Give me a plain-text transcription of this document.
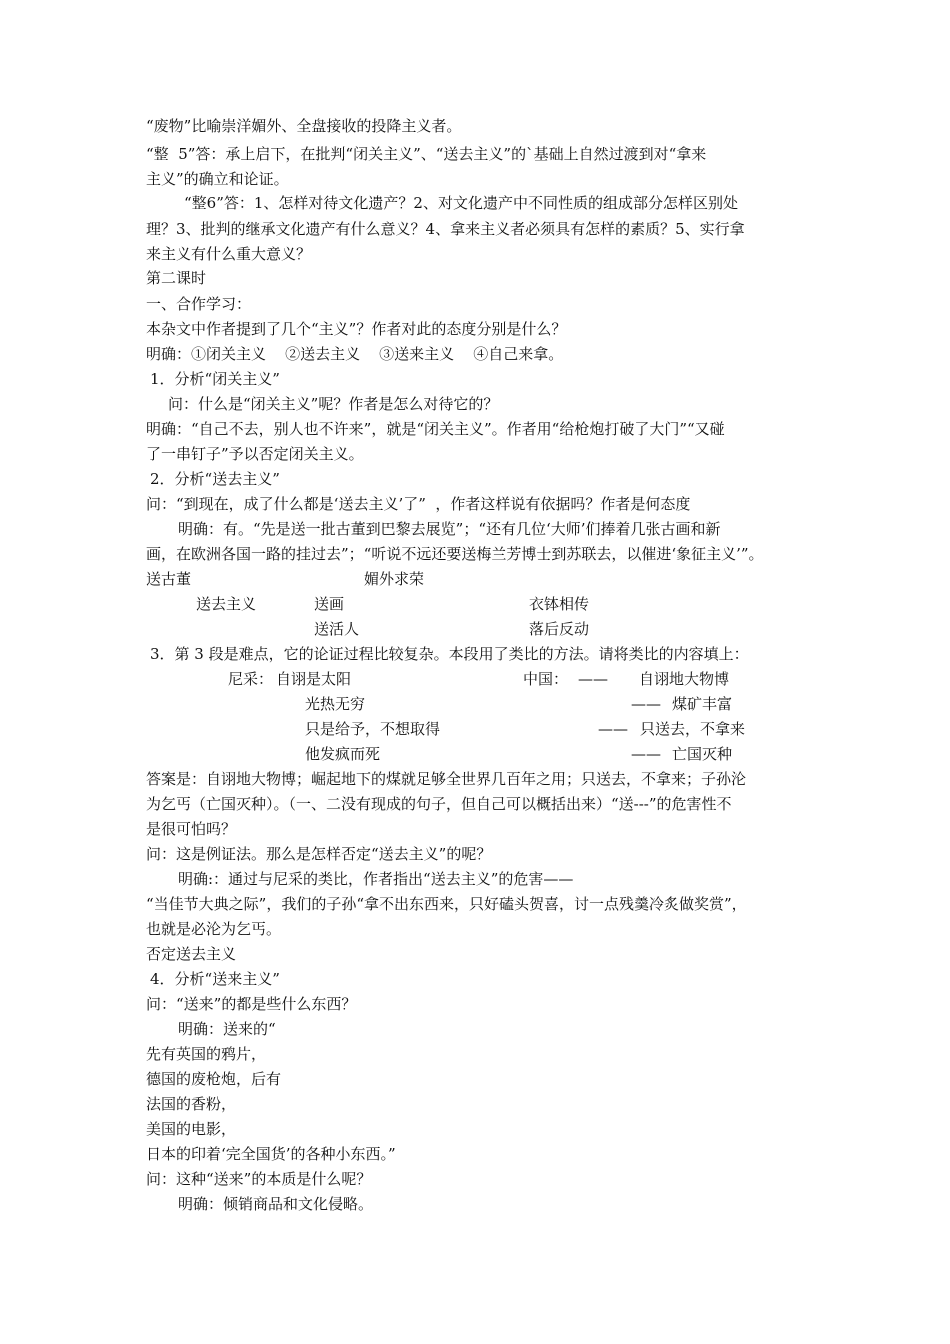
“废物”比喻崇洋媚外、全盘接收的投降主义者。
“整  5”答：承上启下，在批判“闭关主义”、“送去主义”的`基础上自然过渡到对“拿来
主义”的确立和论证。
“整6”答：1、怎样对待文化遗产？2、对文化遗产中不同性质的组成部分怎样区别处
理？3、批判的继承文化遗产有什么意义？4、拿来主义者必须具有怎样的素质？5、实行拿
来主义有什么重大意义？
第二课时
一、合作学习：
本杂文中作者提到了几个“主义”？作者对此的态度分别是什么？
明确：①闭关主义    ②送去主义    ③送来主义    ④自己来拿。
1．分析“闭关主义”
问：什么是“闭关主义”呢？作者是怎么对待它的？
明确：“自己不去，别人也不许来”，就是“闭关主义”。作者用“给枪炮打破了大门”“又碰
了一串钉子”予以否定闭关主义。
2．分析“送去主义”
问：“到现在，成了什么都是‘送去主义’了”  ，作者这样说有依据吗？作者是何态度
明确：有。“先是送一批古董到巴黎去展览”；“还有几位‘大师’们捧着几张古画和新
画，在欧洲各国一路的挂过去”；“听说不远还要送梅兰芳博士到苏联去，以催进‘象征主义’”。
送古董	媚外求荣
送去主义	送画	衣钵相传
送活人	落后反动
3．第 3 段是难点，它的论证过程比较复杂。本段用了类比的方法。请将类比的内容填上：
尼采： 自诩是太阳	中国： —— 自诩地大物博
光热无穷	—— 煤矿丰富
只是给予，不想取得	—— 只送去，不拿来
他发疯而死	—— 亡国灭种
答案是：自诩地大物博；崛起地下的煤就足够全世界几百年之用；只送去，不拿来；子孙沦
为乞丐（亡国灭种）。（一、二没有现成的句子，但自己可以概括出来）“送---”的危害性不
是很可怕吗？
问：这是例证法。那么是怎样否定“送去主义”的呢？
明确:：通过与尼采的类比，作者指出“送去主义”的危害——
“当佳节大典之际”，我们的子孙“拿不出东西来，只好磕头贺喜，讨一点残羹冷炙做奖赏”，
也就是必沦为乞丐。
否定送去主义
4．分析“送来主义”
问：“送来”的都是些什么东西？
明确：送来的“
先有英国的鸦片，
德国的废枪炮，后有
法国的香粉，
美国的电影，
日本的印着‘完全国货’的各种小东西。”
问：这种“送来”的本质是什么呢？
明确：倾销商品和文化侵略。
